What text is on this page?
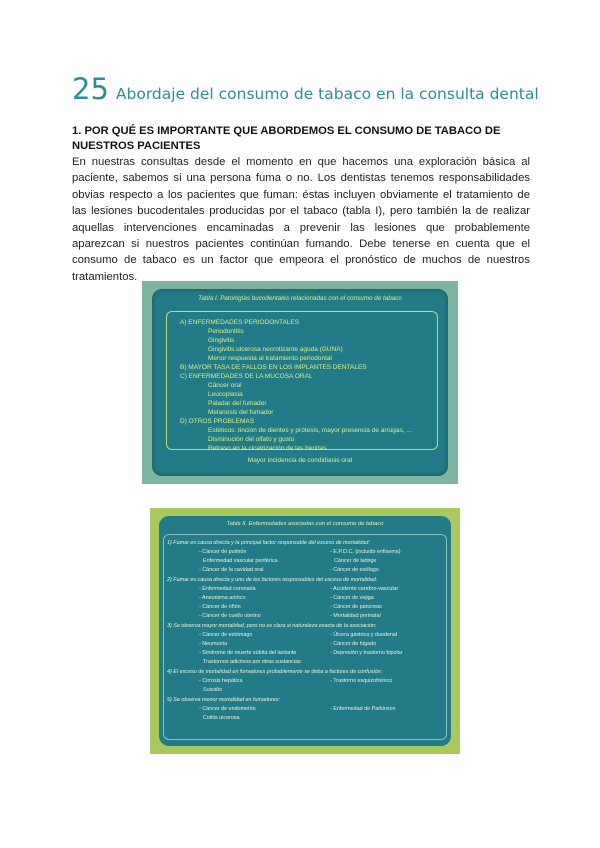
25 Abordaje del consumo de tabaco en la consulta dental
1. POR QUÉ ES IMPORTANTE QUE ABORDEMOS EL CONSUMO DE TABACO DE
NUESTROS PACIENTES

En nuestras consultas desde el momento en que hacemos una exploración básica al paciente, sabemos si una persona fuma o no. Los dentistas tenemos responsabilidades obvias respecto a los pacientes que fuman: éstas incluyen obviamente el tratamiento de las lesiones bucodentales producidas por el tabaco (tabla I), pero también la de realizar aquellas intervenciones encaminadas a prevenir las lesiones que probablemente aparezcan si nuestros pacientes continúan fumando. Debe tenerse en cuenta que el consumo de tabaco es un factor que empeora el pronóstico de muchos de nuestros tratamientos.

Tabla I. Patologías bucodentales relacionadas con el consumo de tabaco
A) ENFERMEDADES PERIODONTALES
Periodontitis
Gingivitis
Gingivitis ulcerosa necrotizante aguda (GUNA)
Menor respuesta al tratamiento periodontal
B) MAYOR TASA DE FALLOS EN LOS IMPLANTES DENTALES
C) ENFERMEDADES DE LA MUCOSA ORAL
Cáncer oral
Leucoplasia
Paladar del fumador
Melanosis del fumador
D) OTROS PROBLEMAS
Estéticos: tinción de dientes y prótesis, mayor presencia de arrugas, ...
Disminución del olfato y gusto
Retraso en la cicatrización de las heridas
Mayor incidencia de condidiasis oral
Tabla II. Enfermedades asociadas con el consumo de tabaco
1) Fumar es causa directa y la principal factor responsable del exceso de mortalidad:
- Cáncer de pulmón	- E.P.O.C. (incluido enfisema)
Enfermedad vascular periférica	Cáncer de laringe
- Cáncer de la cavidad oral	- Cáncer de esófago
2) Fumar es causa directa y uno de los factores responsables del exceso de mortalidad:
- Enfermedad coronaria	- Accidente cerebro-vascular
- Aneurisma aórtico	- Cáncer de vejiga
- Cáncer de riñón	- Cáncer de páncreas
- Cáncer de cuello uterino	- Mortalidad perinatal
3) Se observa mayor mortalidad, pero no es clara si naturaleza exacta de la asociación:
- Cáncer de estómago	- Úlcera gástrica y duodenal
- Neumonía	- Cáncer de hígado
- Síndrome de muerte súbita del lactante	- Depresión y trastorno bipolar
Trastornos adictivos por otras sustancias
4) El exceso de mortalidad en fumadores probablemente se deba a factores de confusión:
- Cirrosis hepática	- Trastorno esquizofrénico
Suicidio
5) Se observa menor mortalidad en fumadores:
- Cáncer de endometrio	- Enfermedad de Parkinson
Colitis ulcerosa
